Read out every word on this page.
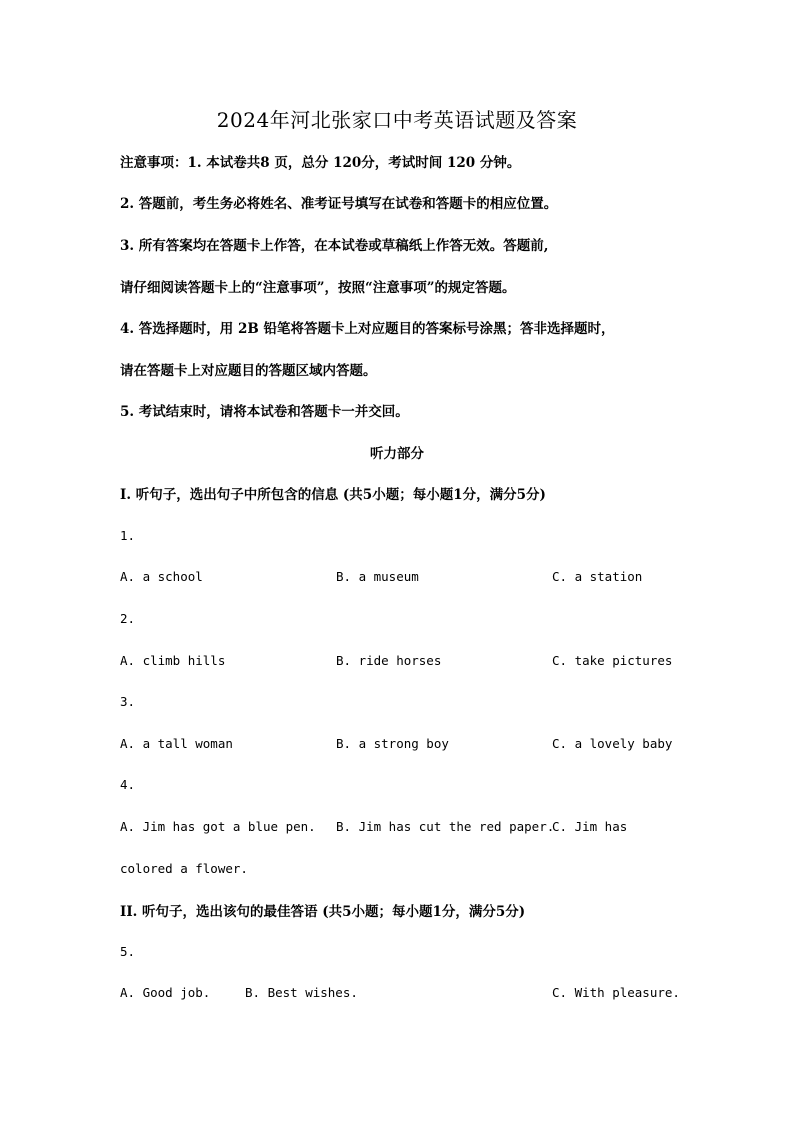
2024年河北张家口中考英语试题及答案
注意事项：1. 本试卷共8 页，总分 120分，考试时间 120 分钟。
2. 答题前，考生务必将姓名、准考证号填写在试卷和答题卡的相应位置。
3. 所有答案均在答题卡上作答，在本试卷或草稿纸上作答无效。答题前,
请仔细阅读答题卡上的“注意事项”，按照“注意事项”的规定答题。
4. 答选择题时，用 2B 铅笔将答题卡上对应题目的答案标号涂黑；答非选择题时，
请在答题卡上对应题目的答题区域内答题。
5. 考试结束时，请将本试卷和答题卡一并交回。
听力部分
I. 听句子，选出句子中所包含的信息 (共5小题；每小题1分，满分5分)
1.
A. a school	B. a museum	C. a station
2.
A. climb hills	B. ride horses	C. take pictures
3.
A. a tall woman	B. a strong boy	C. a lovely baby
4.
A. Jim has got a blue pen. B. Jim has cut the red paper.
C. Jim has
colored a flower.
II. 听句子，选出该句的最佳答语 (共5小题；每小题1分，满分5分)
5.
A. Good job.	B. Best wishes.	C. With pleasure.
